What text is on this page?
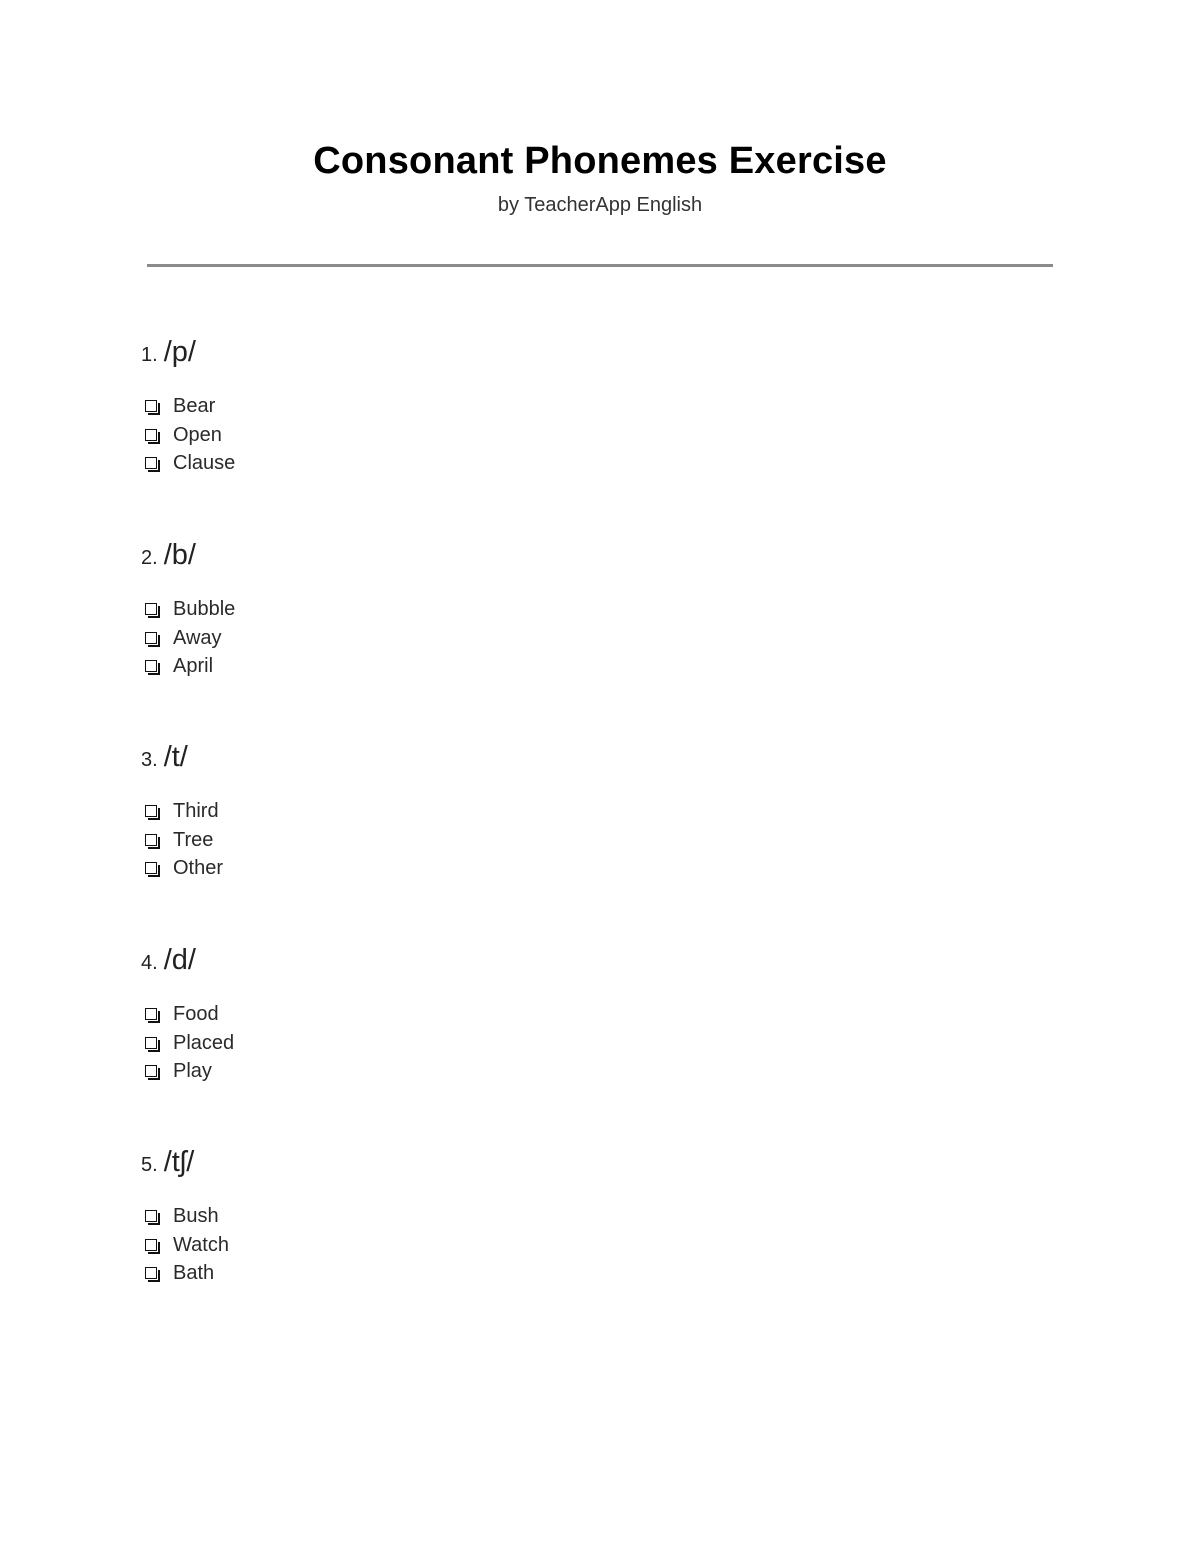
Consonant Phonemes Exercise
by TeacherApp English
1. /p/
Bear
Open
Clause
2. /b/
Bubble
Away
April
3. /t/
Third
Tree
Other
4. /d/
Food
Placed
Play
5. /tʃ/
Bush
Watch
Bath
